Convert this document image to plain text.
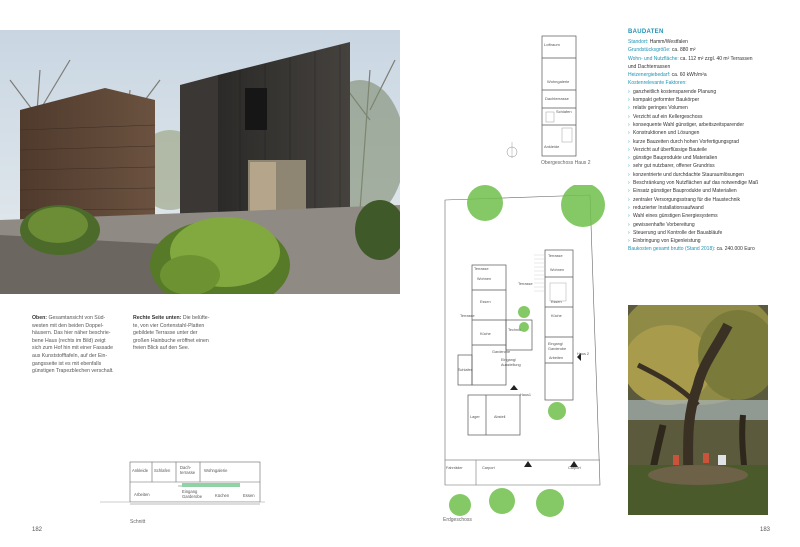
Oben: Gesamtansicht von Süd-
westen mit den beiden Doppel-
häusern. Das hier näher beschrie-
bene Haus (rechts im Bild) zeigt
sich zum Hof hin mit einer Fassade
aus Kunststofftafeln, auf der Ein-
gangsseite ist es mit ebenfalls
günstigen Trapezblechen verschalt.
Rechte Seite unten: Die belüfte-
te, von vier Cortenstahl-Platten
gebildete Terrasse unter der
großen Hainbuche eröffnet einen
freien Blick auf den See.
Ankleide Schlafen
Dach-
terrasse Wohngalerie
Arbeiten
Eingang
Garderobe	Küchen	Essen
Schnitt
182
Loftraum
Wohngalerie
Dachterrasse
Schlafen
Ankleide
Obergeschoss Haus 2
Terrasse
Terrasse
Terrasse
Terrasse
Wohnen
Essen
Küche
Technik
Garderobe
Eingang/
Ausstellung
Schlafen
Wohnen
Essen
Küche
Eingang/
Garderobe
Arbeiten
Haus 2
Haus1
Lager	Abstell
Fahrräder	Carport	Carport
Erdgeschoss
BAUDATEN
Standort: Hamm/Westfalen
Grundstücksgröße: ca. 880 m²
Wohn- und Nutzfläche: ca. 112 m² zzgl. 40 m² Terrassen
und Dachterrassen
Heizenergiebedarf: ca. 60 kWh/m²a
Kostenrelevante Faktoren:
› ganzheitlich kostensparende Planung
› kompakt geformter Baukörper
› relativ geringes Volumen
› Verzicht auf ein Kellergeschoss
› konsequente Wahl günstiger, arbeitszeitsparender
› Konstruktionen und Lösungen
› kurze Bauzeiten durch hohen Vorfertigungsgrad
› Verzicht auf überflüssige Bauteile
› günstige Bauprodukte und Materialien
› sehr gut nutzbarer, offener Grundriss
› konzentrierte und durchdachte Stauraumlösungen
› Beschränkung von Nutzflächen auf das notwendige Maß
› Einsatz günstiger Bauprodukte und Materialien
› zentraler Versorgungsstrang für die Haustechnik
› reduzierter Installationsaufwand
› Wahl eines günstigen Energiesystems
› gewissenhafte Vorbereitung
› Steuerung und Kontrolle der Bauabläufe
› Einbringung von Eigenleistung
Baukosten gesamt brutto (Stand 2018): ca. 240.000 Euro
183
